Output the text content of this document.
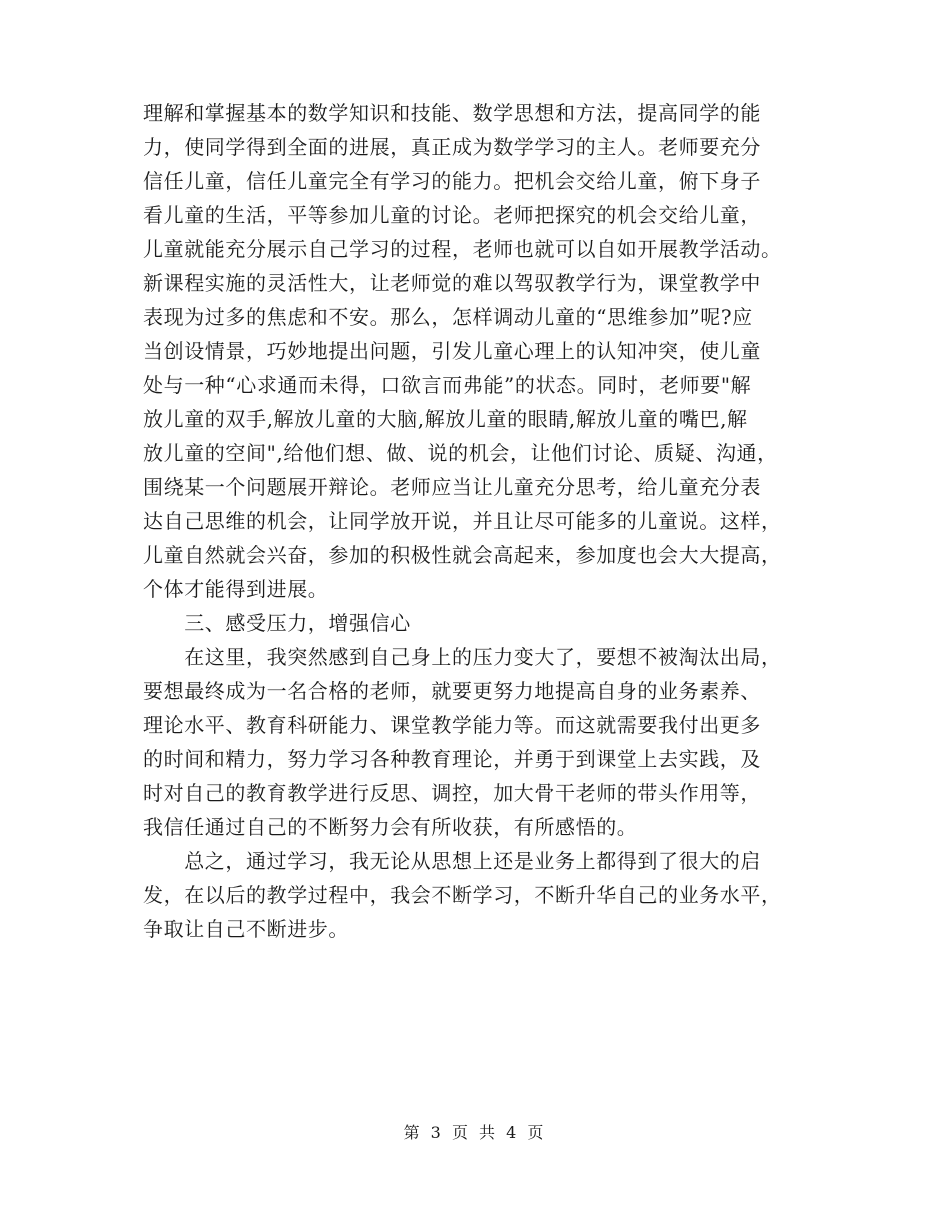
理解和掌握基本的数学知识和技能、数学思想和方法，提高同学的能
力，使同学得到全面的进展，真正成为数学学习的主人。老师要充分
信任儿童，信任儿童完全有学习的能力。把机会交给儿童，俯下身子
看儿童的生活，平等参加儿童的讨论。老师把探究的机会交给儿童，
儿童就能充分展示自己学习的过程，老师也就可以自如开展教学活动。
新课程实施的灵活性大，让老师觉的难以驾驭教学行为，课堂教学中
表现为过多的焦虑和不安。那么，怎样调动儿童的“思维参加”呢?应
当创设情景，巧妙地提出问题，引发儿童心理上的认知冲突，使儿童
处与一种“心求通而未得，口欲言而弗能”的状态。同时，老师要"解
放儿童的双手,解放儿童的大脑,解放儿童的眼睛,解放儿童的嘴巴,解
放儿童的空间",给他们想、做、说的机会，让他们讨论、质疑、沟通，
围绕某一个问题展开辩论。老师应当让儿童充分思考，给儿童充分表
达自己思维的机会，让同学放开说，并且让尽可能多的儿童说。这样，
儿童自然就会兴奋，参加的积极性就会高起来，参加度也会大大提高，
个体才能得到进展。
　　三、感受压力，增强信心
　　在这里，我突然感到自己身上的压力变大了，要想不被淘汰出局，
要想最终成为一名合格的老师，就要更努力地提高自身的业务素养、
理论水平、教育科研能力、课堂教学能力等。而这就需要我付出更多
的时间和精力，努力学习各种教育理论，并勇于到课堂上去实践，及
时对自己的教育教学进行反思、调控，加大骨干老师的带头作用等，
我信任通过自己的不断努力会有所收获，有所感悟的。
　　总之，通过学习，我无论从思想上还是业务上都得到了很大的启
发，在以后的教学过程中，我会不断学习，不断升华自己的业务水平，
争取让自己不断进步。
第 3 页 共 4 页
